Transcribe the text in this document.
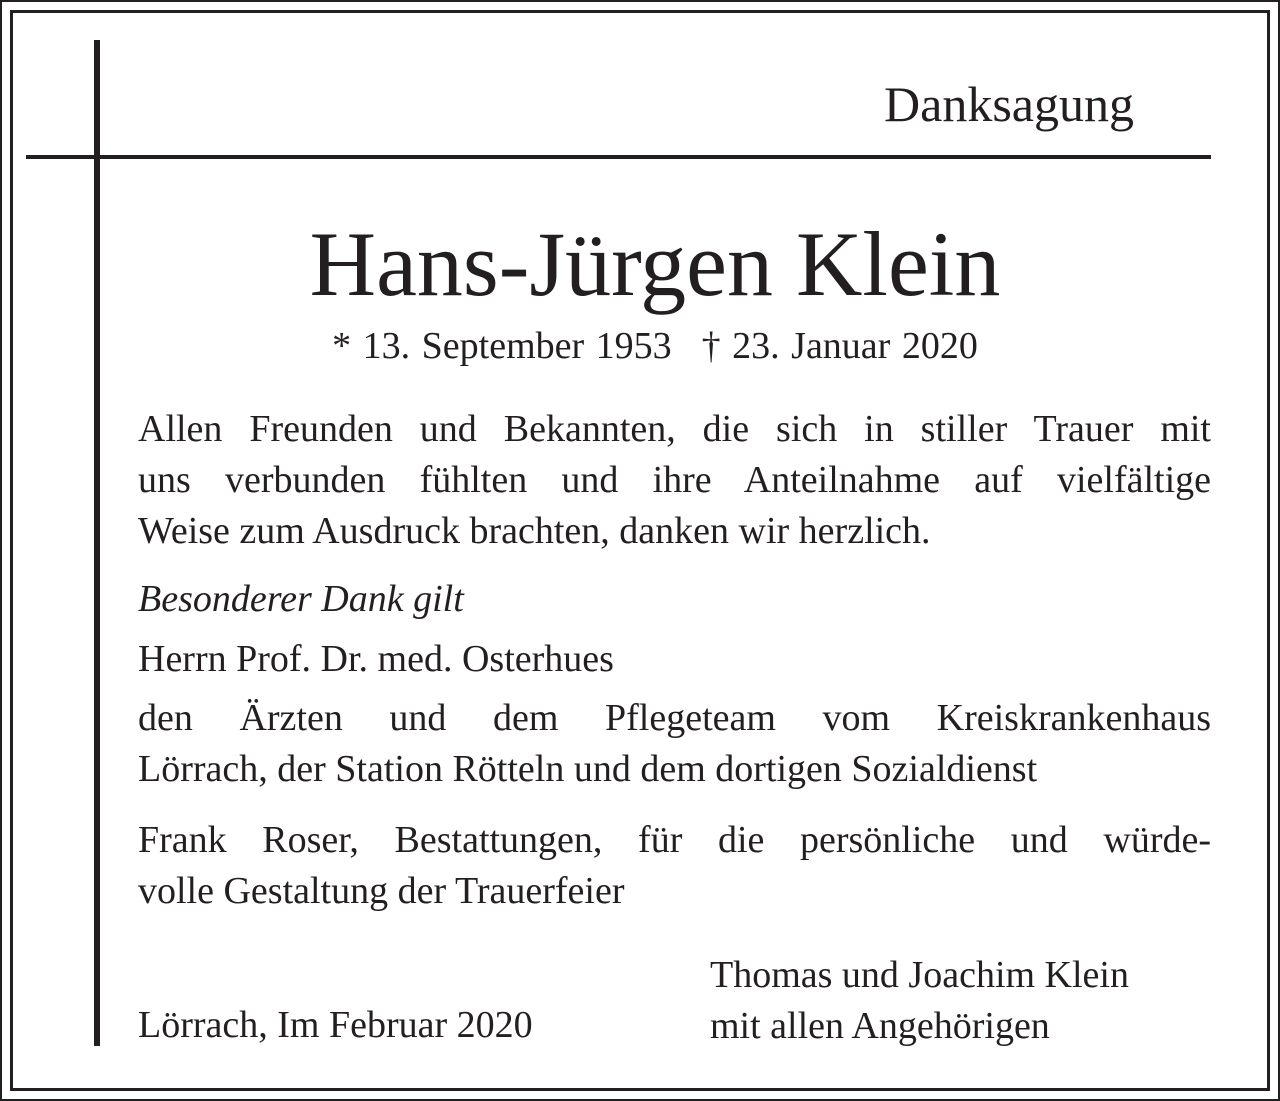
Danksagung
Hans-Jürgen Klein
* 13. September 1953 † 23. Januar 2020
Allen Freunden und Bekannten, die sich in stiller Trauer mit
uns verbunden fühlten und ihre Anteilnahme auf vielfältige
Weise zum Ausdruck brachten, danken wir herzlich.
Besonderer Dank gilt
Herrn Prof. Dr. med. Osterhues
den Ärzten und dem Pflegeteam vom Kreiskrankenhaus
Lörrach, der Station Rötteln und dem dortigen Sozialdienst
Frank Roser, Bestattungen, für die persönliche und würde-
volle Gestaltung der Trauerfeier
Lörrach, Im Februar 2020
Thomas und Joachim Klein
mit allen Angehörigen
